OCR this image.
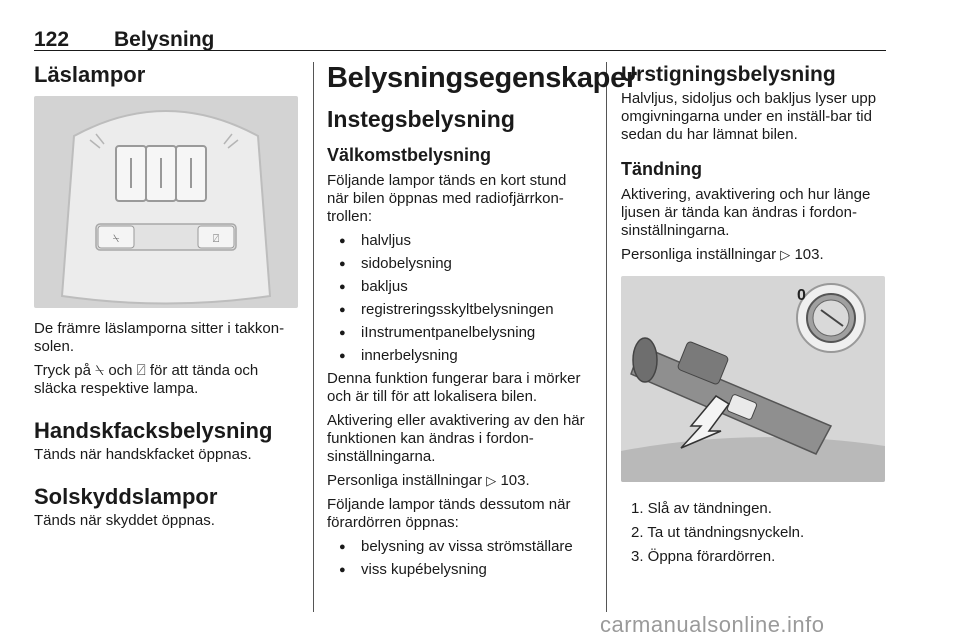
122 Belysning
Läslampor
⍀	⍁

De främre läslamporna sitter i takkon-solen.

Tryck på ⍀ och ⍁ för att tända och släcka respektive lampa.

Handskfacksbelysning

Tänds när handskfacket öppnas.

Solskyddslampor

Tänds när skyddet öppnas.

Belysningsegenskaper
Instegsbelysning
Välkomstbelysning

Följande lampor tänds en kort stund när bilen öppnas med radiofjärrkon-trollen:

● halvljus
● sidobelysning
● bakljus
● registreringsskyltbelysningen
● iInstrumentpanelbelysning
● innerbelysning

Denna funktion fungerar bara i mörker och är till för att lokalisera bilen.

Aktivering eller avaktivering av den här funktionen kan ändras i fordon-sinställningarna.

Personliga inställningar ▷ 103.

Följande lampor tänds dessutom när förardörren öppnas:

● belysning av vissa strömställare
● viss kupébelysning
Urstigningsbelysning

Halvljus, sidoljus och bakljus lyser upp omgivningarna under en inställ-bar tid sedan du har lämnat bilen.

Tändning

Aktivering, avaktivering och hur länge ljusen är tända kan ändras i fordon-sinställningarna.

Personliga inställningar ▷ 103.

0
1. Slå av tändningen.
2. Ta ut tändningsnyckeln.
3. Öppna förardörren.
carmanualsonline.info
